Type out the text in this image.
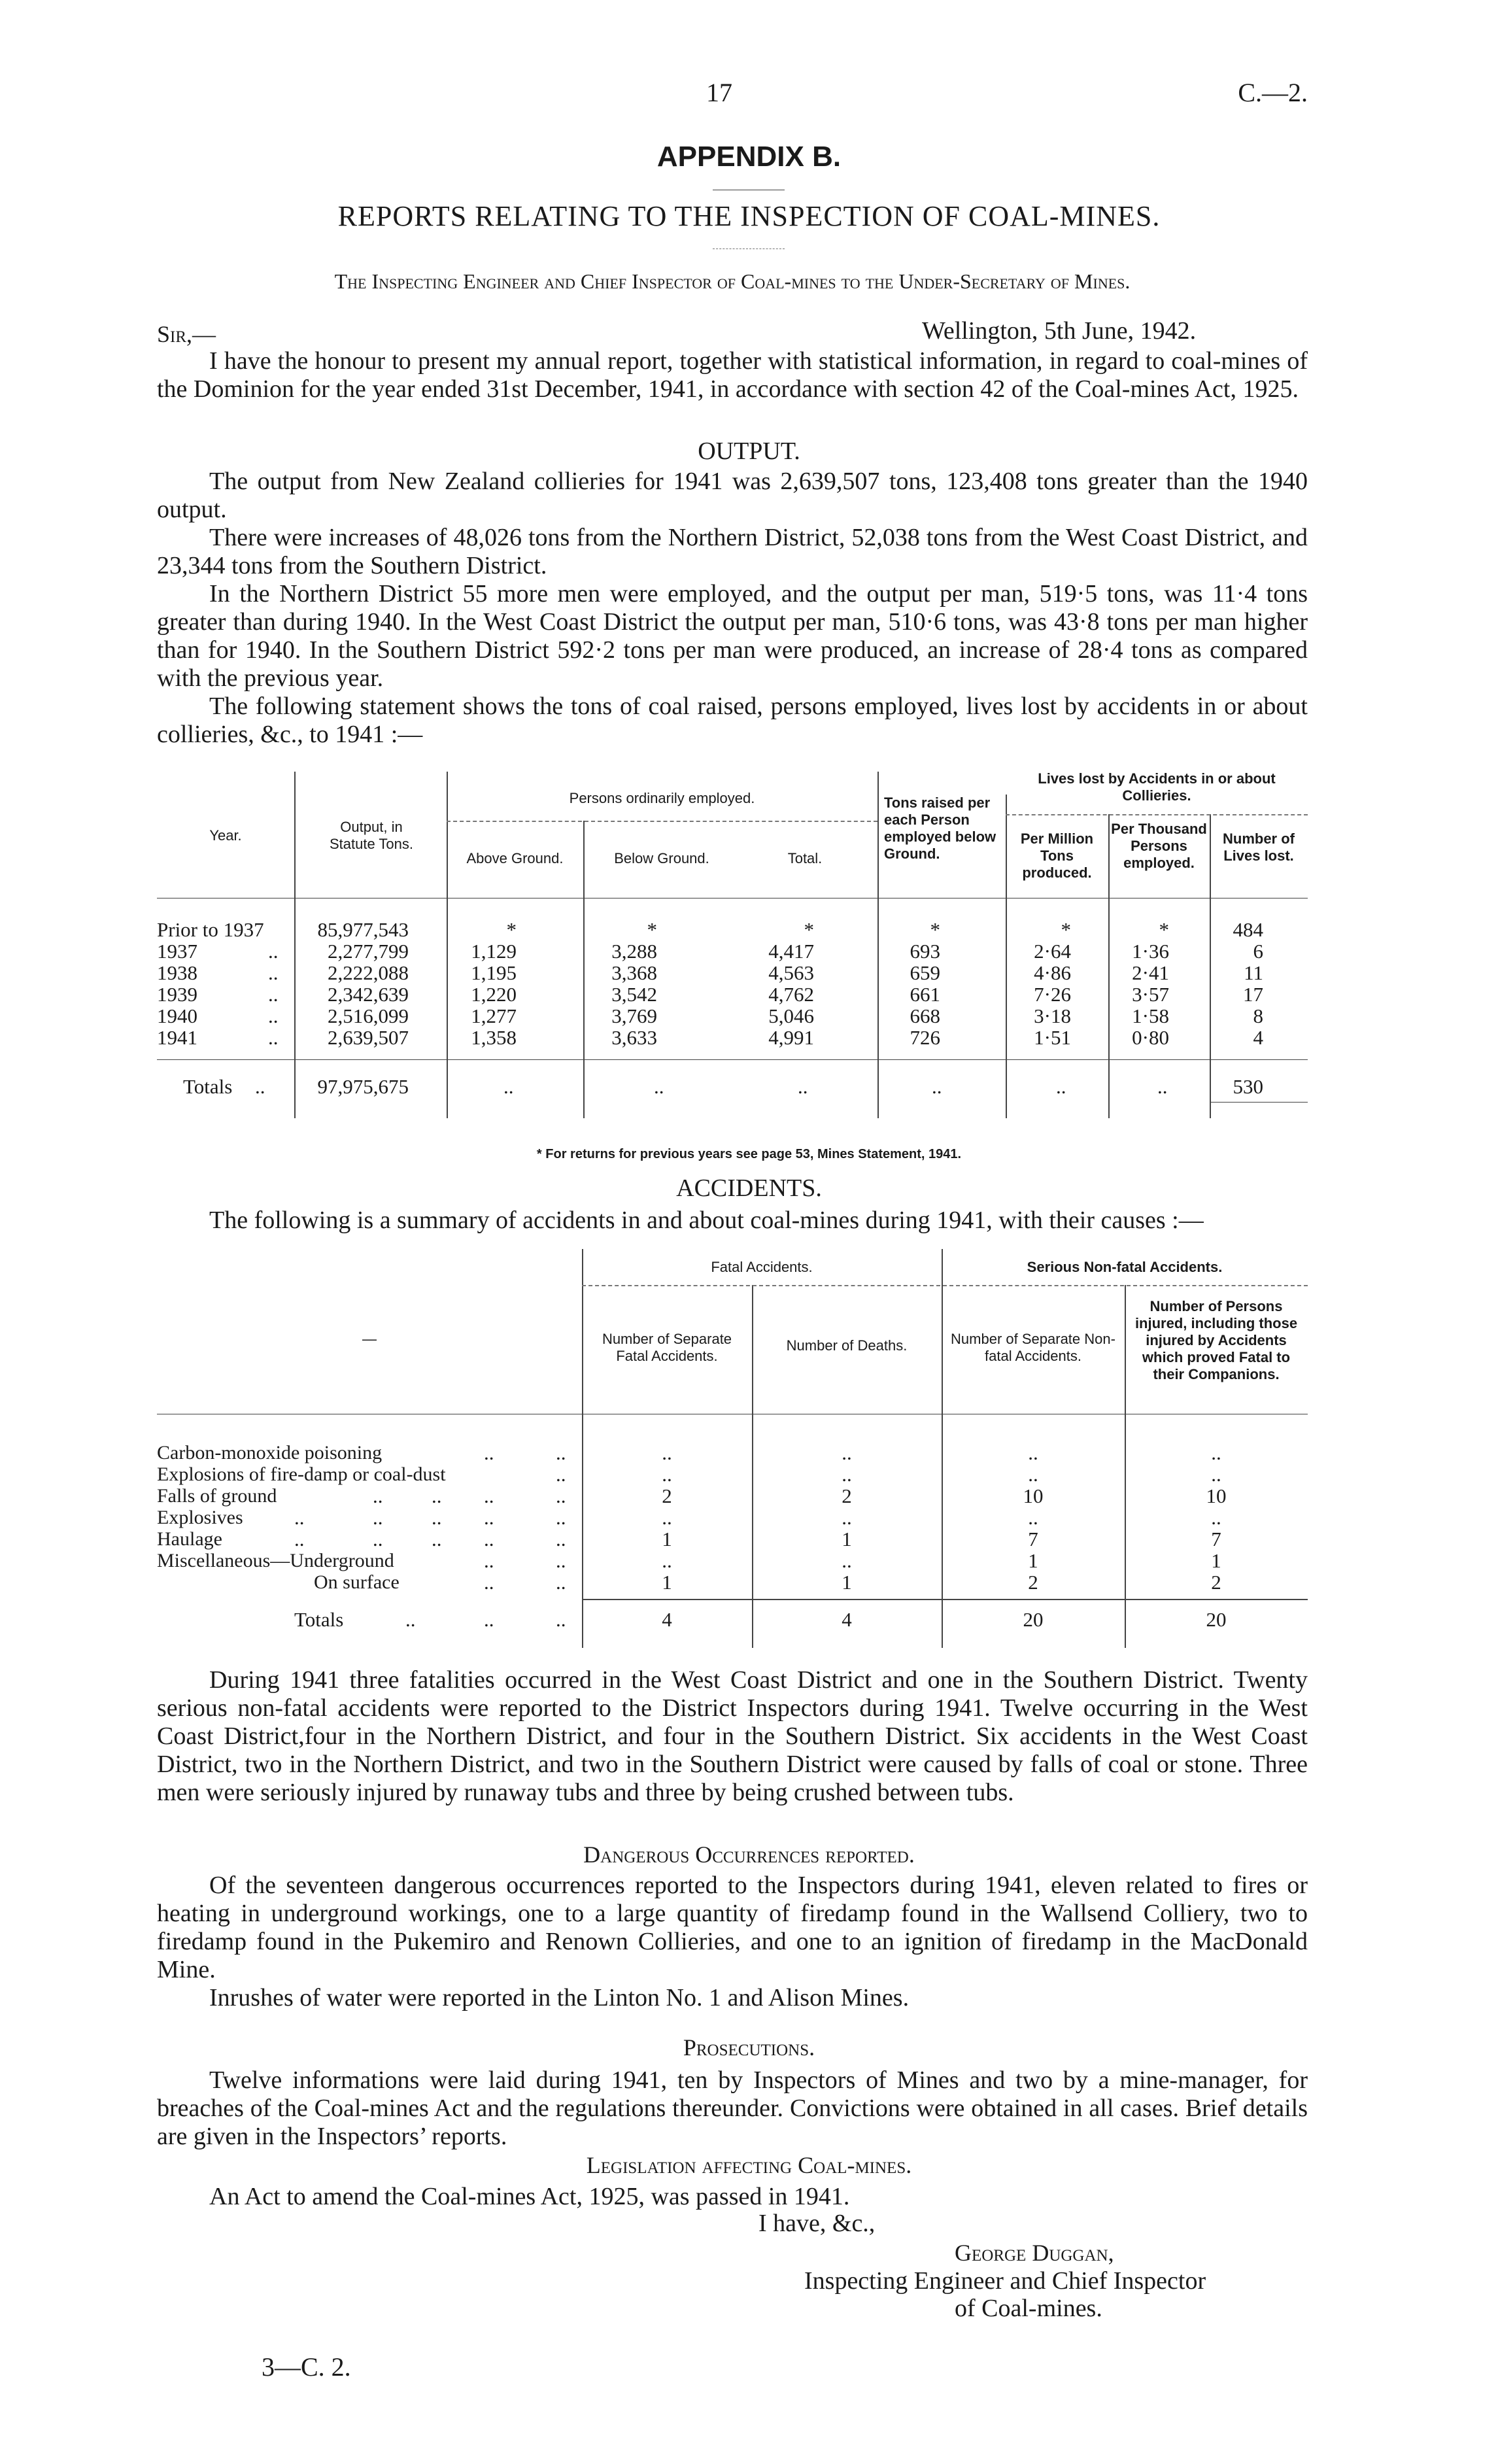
17	C.—2.
APPENDIX B.
REPORTS RELATING TO THE INSPECTION OF COAL-MINES.
The Inspecting Engineer and Chief Inspector of Coal-mines to the Under-Secretary of Mines.
Sir,—	Wellington, 5th June, 1942.

I have the honour to present my annual report, together with statistical information, in regard to coal-mines of the Dominion for the year ended 31st December, 1941, in accordance with section 42 of the Coal-mines Act, 1925.

OUTPUT.

The output from New Zealand collieries for 1941 was 2,639,507 tons, 123,408 tons greater than the 1940 output.

There were increases of 48,026 tons from the Northern District, 52,038 tons from the West Coast District, and 23,344 tons from the Southern District.

In the Northern District 55 more men were employed, and the output per man, 519·5 tons, was 11·4 tons greater than during 1940. In the West Coast District the output per man, 510·6 tons, was 43·8 tons per man higher than for 1940. In the Southern District 592·2 tons per man were produced, an increase of 28·4 tons as compared with the previous year.

The following statement shows the tons of coal raised, persons employed, lives lost by accidents in or about collieries, &c., to 1941 :—

Year.
Output, in Statute Tons.
Persons ordinarily employed.
Above Ground.	Below Ground.	Total.
Tons raised per each Person employed below Ground.
Lives lost by Accidents in or about Collieries.
Per Million Tons produced.
Per Thousand Persons employed.
Number of Lives lost.
Prior to 1937	85,977,543	*	*	*	*	*	*	484
1937	..	2,277,799	1,129	3,288	4,417	693	2·64	1·36	6
1938	..	2,222,088	1,195	3,368	4,563	659	4·86	2·41	11
1939	..	2,342,639	1,220	3,542	4,762	661	7·26	3·57	17
1940	..	2,516,099	1,277	3,769	5,046	668	3·18	1·58	8
1941	..	2,639,507	1,358	3,633	4,991	726	1·51	0·80	4
Totals ..	97,975,675	..	..	..	..	..	..	530
* For returns for previous years see page 53, Mines Statement, 1941.
ACCIDENTS.

The following is a summary of accidents in and about coal-mines during 1941, with their causes :—

—
Fatal Accidents.	Serious Non-fatal Accidents.
Number of Separate Fatal Accidents.
Number of Deaths.	Number of Separate Non-fatal Accidents.
Number of Persons injured, including those injured by Accidents which proved Fatal to their Companions.
Carbon-monoxide poisoning	..	..	..	..	..	..
Explosions of fire-damp or coal-dust	..	..	..	..	..
Falls of ground	.. .. ..	..	2	2	10	10
Explosives	..	.. .. ..	..	..	..	..	..
Haulage	..	.. .. ..	..	1	1	7	7
Miscellaneous—Underground	..	..	..	..	1	1
On surface	..	..	1	1	2	2
Totals	..	..	..	4	4	20	20

During 1941 three fatalities occurred in the West Coast District and one in the Southern District. Twenty serious non-fatal accidents were reported to the District Inspectors during 1941. Twelve occurring in the West Coast District,four in the Northern District, and four in the Southern District. Six accidents in the West Coast District, two in the Northern District, and two in the Southern District were caused by falls of coal or stone. Three men were seriously injured by runaway tubs and three by being crushed between tubs.

Dangerous Occurrences reported.

Of the seventeen dangerous occurrences reported to the Inspectors during 1941, eleven related to fires or heating in underground workings, one to a large quantity of firedamp found in the Wallsend Colliery, two to firedamp found in the Pukemiro and Renown Collieries, and one to an ignition of firedamp in the MacDonald Mine.

Inrushes of water were reported in the Linton No. 1 and Alison Mines.

Prosecutions.

Twelve informations were laid during 1941, ten by Inspectors of Mines and two by a mine-manager, for breaches of the Coal-mines Act and the regulations thereunder. Convictions were obtained in all cases. Brief details are given in the Inspectors’ reports.

Legislation affecting Coal-mines.

An Act to amend the Coal-mines Act, 1925, was passed in 1941.

I have, &c.,
George Duggan,
Inspecting Engineer and Chief Inspector
of Coal-mines.
3—C. 2.
